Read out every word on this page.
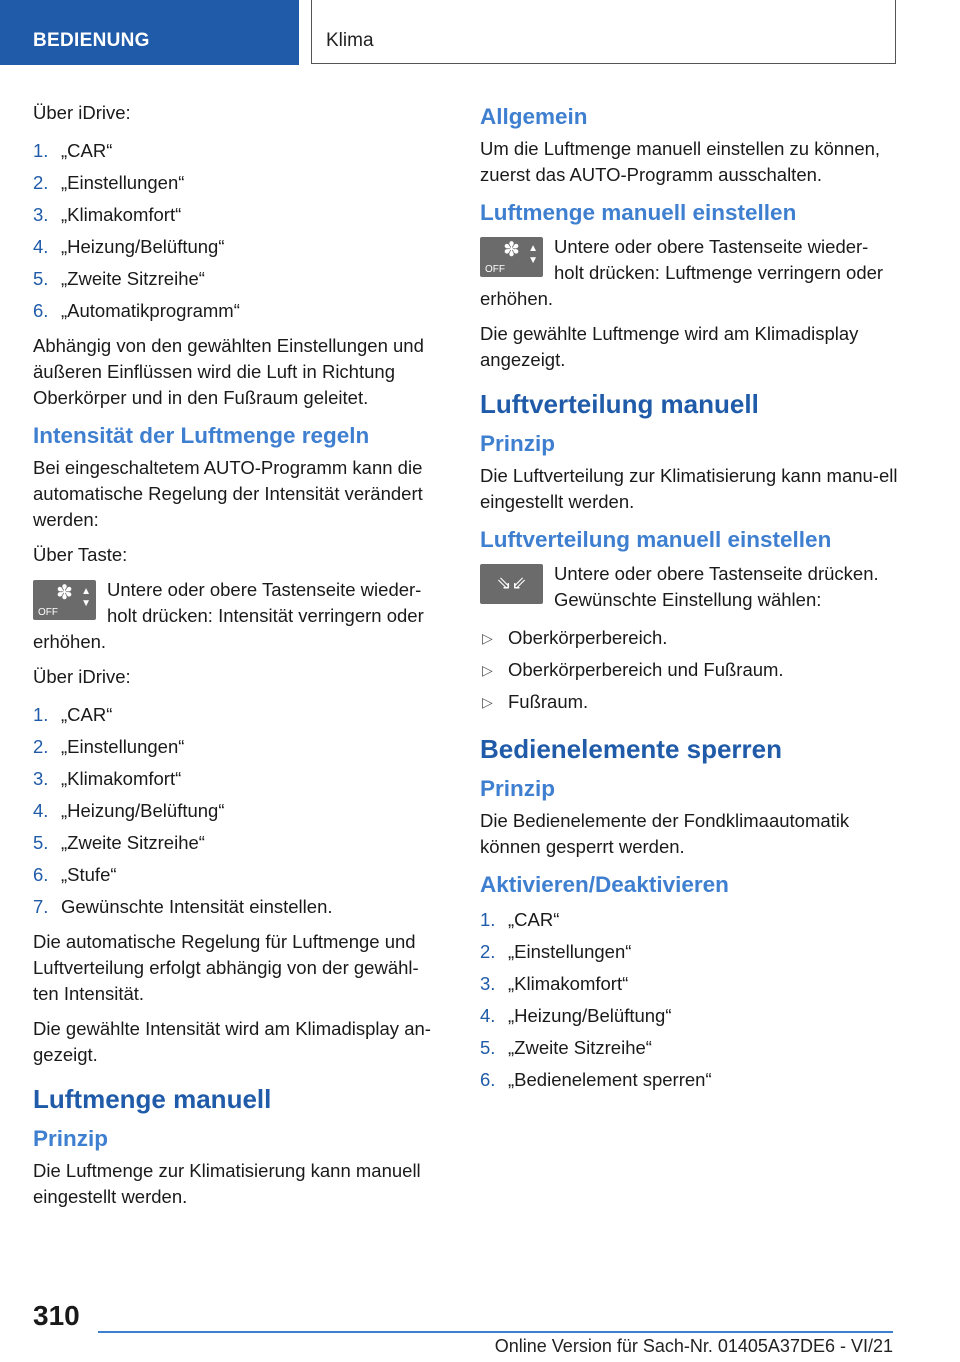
BEDIENUNG	Klima

Über iDrive:

1. „CAR“
2. „Einstellungen“
3. „Klimakomfort“
4. „Heizung/Belüftung“
5. „Zweite Sitzreihe“
6. „Automatikprogramm“

Abhängig von den gewählten Einstellungen und äußeren Einflüssen wird die Luft in Richtung Oberkörper und in den Fußraum geleitet.

Intensität der Luftmenge regeln

Bei eingeschaltetem AUTO-Programm kann die automatische Regelung der Intensität verändert werden:

Über Taste:

✽
OFF
▲
▼

Untere oder obere Tastenseite wieder-holt drücken: Intensität verringern oder erhöhen.

Über iDrive:

1. „CAR“
2. „Einstellungen“
3. „Klimakomfort“
4. „Heizung/Belüftung“
5. „Zweite Sitzreihe“
6. „Stufe“
7. Gewünschte Intensität einstellen.

Die automatische Regelung für Luftmenge und Luftverteilung erfolgt abhängig von der gewähl-ten Intensität.

Die gewählte Intensität wird am Klimadisplay an-gezeigt.

Luftmenge manuell
Prinzip

Die Luftmenge zur Klimatisierung kann manuell eingestellt werden.

Allgemein

Um die Luftmenge manuell einstellen zu können, zuerst das AUTO-Programm ausschalten.

Luftmenge manuell einstellen
✽
OFF
▲
▼

Untere oder obere Tastenseite wieder-holt drücken: Luftmenge verringern oder erhöhen.

Die gewählte Luftmenge wird am Klimadisplay angezeigt.

Luftverteilung manuell
Prinzip

Die Luftverteilung zur Klimatisierung kann manu-ell eingestellt werden.

Luftverteilung manuell einstellen
⇘⇙	Untere oder obere Tastenseite drücken. Gewünschte Einstellung wählen:

▷ Oberkörperbereich.
▷ Oberkörperbereich und Fußraum.
▷ Fußraum.
Bedienelemente sperren
Prinzip

Die Bedienelemente der Fondklimaautomatik können gesperrt werden.

Aktivieren/Deaktivieren
1. „CAR“
2. „Einstellungen“
3. „Klimakomfort“
4. „Heizung/Belüftung“
5. „Zweite Sitzreihe“
6. „Bedienelement sperren“
310
Online Version für Sach-Nr. 01405A37DE6 - VI/21
